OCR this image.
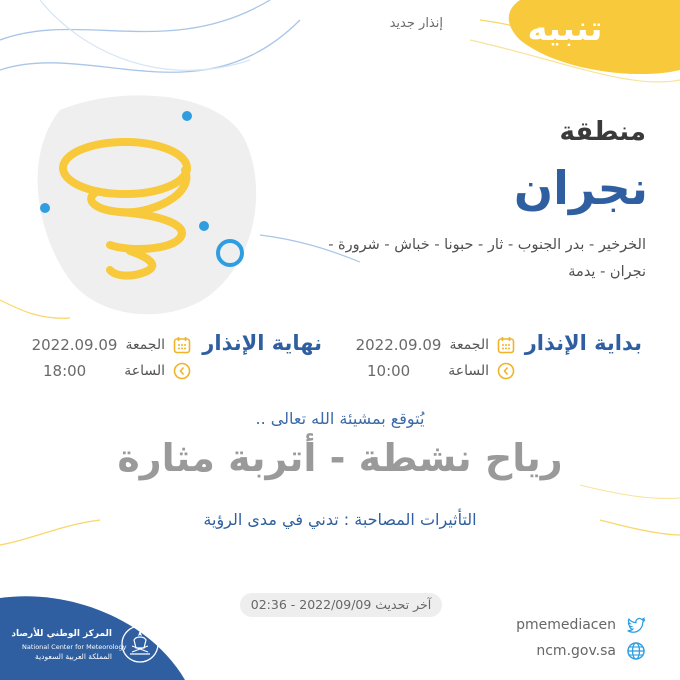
تنبيه
إنذار جديد
منطقة
نجران
الخرخير - بدر الجنوب - ثار - حبونا - خباش - شرورة - نجران - يدمة
بداية الإنذار
الجمعة
2022.09.09
الساعة
10:00
نهاية الإنذار
الجمعة
2022.09.09
الساعة
18:00
يُتوقع بمشيئة الله تعالى ..
رياح نشطة - أتربة مثارة
التأثيرات المصاحبة : تدني في مدى الرؤية
آخر تحديث 2022/09/09 - 02:36
pmemediacen
ncm.gov.sa
المركز الوطني للأرصاد
National Center for Meteorology
المملكة العربية السعودية
